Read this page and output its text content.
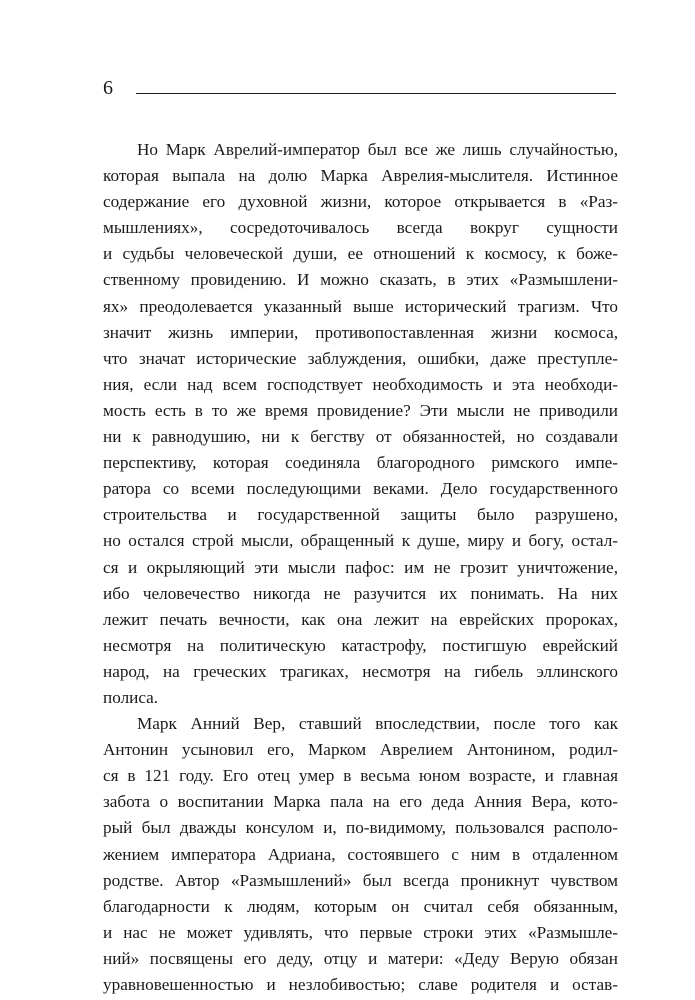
6
Но Марк Аврелий-император был все же лишь случайностью,
которая выпала на долю Марка Аврелия-мыслителя. Истинное
содержание его духовной жизни, которое открывается в «Раз-
мышлениях», сосредоточивалось всегда вокруг сущности
и судьбы человеческой души, ее отношений к космосу, к боже-
ственному провидению. И можно сказать, в этих «Размышлени-
ях» преодолевается указанный выше исторический трагизм. Что
значит жизнь империи, противопоставленная жизни космоса,
что значат исторические заблуждения, ошибки, даже преступле-
ния, если над всем господствует необходимость и эта необходи-
мость есть в то же время провидение? Эти мысли не приводили
ни к равнодушию, ни к бегству от обязанностей, но создавали
перспективу, которая соединяла благородного римского импе-
ратора со всеми последующими веками. Дело государственного
строительства и государственной защиты было разрушено,
но остался строй мысли, обращенный к душе, миру и богу, остал-
ся и окрыляющий эти мысли пафос: им не грозит уничтожение,
ибо человечество никогда не разучится их понимать. На них
лежит печать вечности, как она лежит на еврейских пророках,
несмотря на политическую катастрофу, постигшую еврейский
народ, на греческих трагиках, несмотря на гибель эллинского
полиса.
Марк Анний Вер, ставший впоследствии, после того как
Антонин усыновил его, Марком Аврелием Антонином, родил-
ся в 121 году. Его отец умер в весьма юном возрасте, и главная
забота о воспитании Марка пала на его деда Анния Вера, кото-
рый был дважды консулом и, по-видимому, пользовался располо-
жением императора Адриана, состоявшего с ним в отдаленном
родстве. Автор «Размышлений» был всегда проникнут чувством
благодарности к людям, которым он считал себя обязанным,
и нас не может удивлять, что первые строки этих «Размышле-
ний» посвящены его деду, отцу и матери: «Деду Верую обязан
уравновешенностью и незлобивостью; славе родителя и остав-
